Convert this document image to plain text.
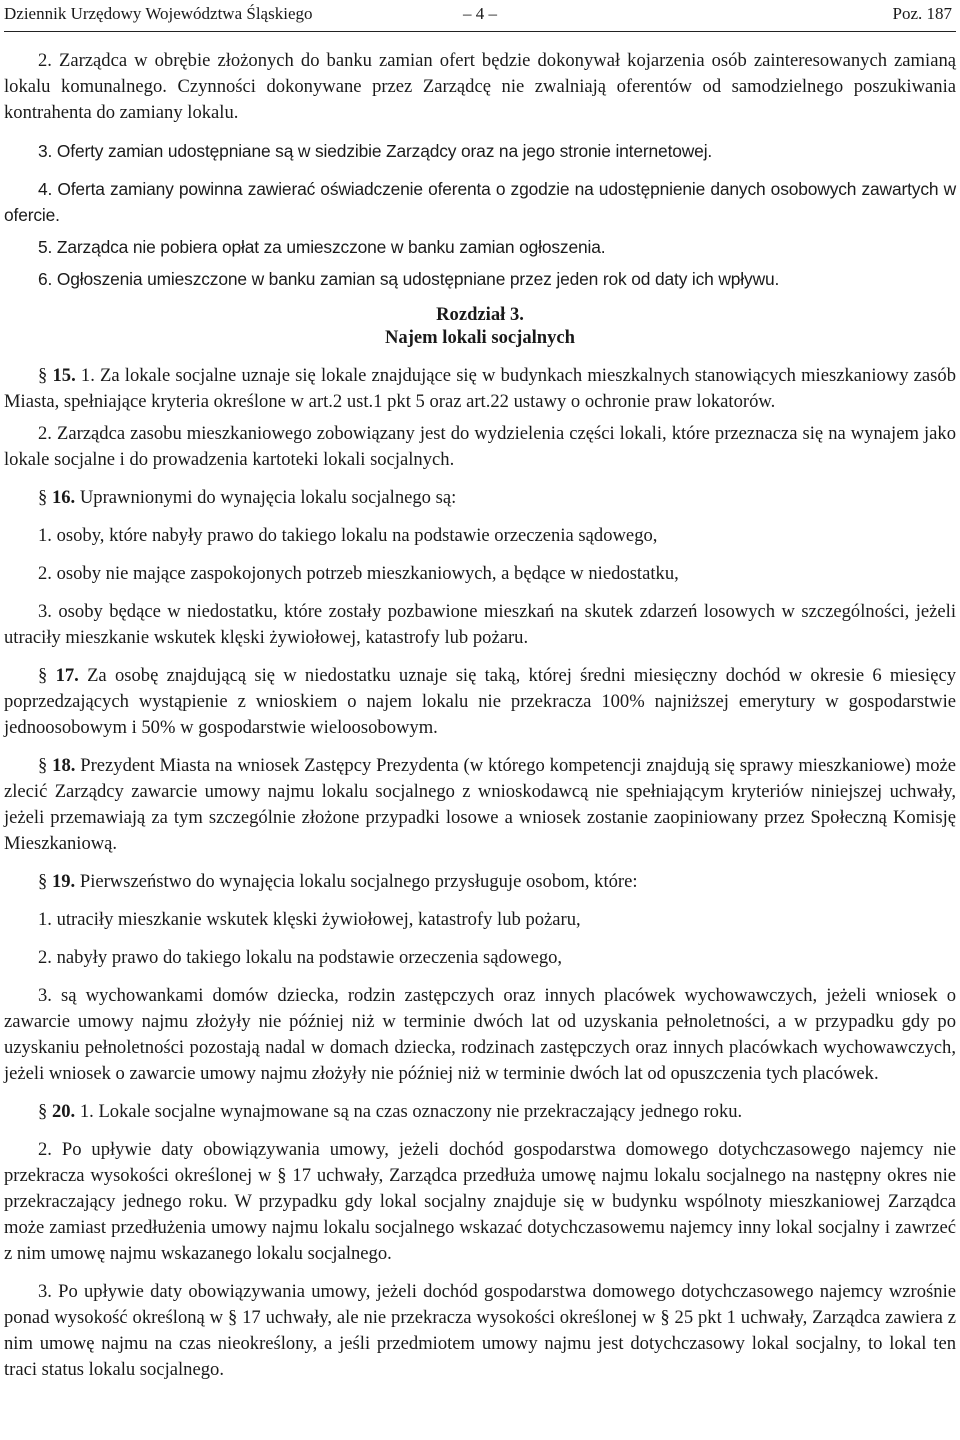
Dziennik Urzędowy Województwa Śląskiego	– 4 –	Poz. 187

2. Zarządca w obrębie złożonych do banku zamian ofert będzie dokonywał kojarzenia osób zainteresowanych zamianą lokalu komunalnego. Czynności dokonywane przez Zarządcę nie zwalniają oferentów od samodzielnego poszukiwania kontrahenta do zamiany lokalu.

3. Oferty zamian udostępniane są w siedzibie Zarządcy oraz na jego stronie internetowej.

4. Oferta zamiany powinna zawierać oświadczenie oferenta o zgodzie na udostępnienie danych osobowych zawartych w ofercie.

5. Zarządca nie pobiera opłat za umieszczone w banku zamian ogłoszenia.

6. Ogłoszenia umieszczone w banku zamian są udostępniane przez jeden rok od daty ich wpływu.

Rozdział 3.
Najem lokali socjalnych

§ 15. 1. Za lokale socjalne uznaje się lokale znajdujące się w budynkach mieszkalnych stanowiących mieszkaniowy zasób Miasta, spełniające kryteria określone w art.2 ust.1 pkt 5 oraz art.22 ustawy o ochronie praw lokatorów.

2. Zarządca zasobu mieszkaniowego zobowiązany jest do wydzielenia części lokali, które przeznacza się na wynajem jako lokale socjalne i do prowadzenia kartoteki lokali socjalnych.

§ 16. Uprawnionymi do wynajęcia lokalu socjalnego są:

1. osoby, które nabyły prawo do takiego lokalu na podstawie orzeczenia sądowego,

2. osoby nie mające zaspokojonych potrzeb mieszkaniowych, a będące w niedostatku,

3. osoby będące w niedostatku, które zostały pozbawione mieszkań na skutek zdarzeń losowych w szczególności, jeżeli utraciły mieszkanie wskutek klęski żywiołowej, katastrofy lub pożaru.

§ 17. Za osobę znajdującą się w niedostatku uznaje się taką, której średni miesięczny dochód w okresie 6 miesięcy poprzedzających wystąpienie z wnioskiem o najem lokalu nie przekracza 100% najniższej emerytury w gospodarstwie jednoosobowym i 50% w gospodarstwie wieloosobowym.

§ 18. Prezydent Miasta na wniosek Zastępcy Prezydenta (w którego kompetencji znajdują się sprawy mieszkaniowe) może zlecić Zarządcy zawarcie umowy najmu lokalu socjalnego z wnioskodawcą nie spełniającym kryteriów niniejszej uchwały, jeżeli przemawiają za tym szczególnie złożone przypadki losowe a wniosek zostanie zaopiniowany przez Społeczną Komisję Mieszkaniową.

§ 19. Pierwszeństwo do wynajęcia lokalu socjalnego przysługuje osobom, które:

1. utraciły mieszkanie wskutek klęski żywiołowej, katastrofy lub pożaru,

2. nabyły prawo do takiego lokalu na podstawie orzeczenia sądowego,

3. są wychowankami domów dziecka, rodzin zastępczych oraz innych placówek wychowawczych, jeżeli wniosek o zawarcie umowy najmu złożyły nie później niż w terminie dwóch lat od uzyskania pełnoletności, a w przypadku gdy po uzyskaniu pełnoletności pozostają nadal w domach dziecka, rodzinach zastępczych oraz innych placówkach wychowawczych, jeżeli wniosek o zawarcie umowy najmu złożyły nie później niż w terminie dwóch lat od opuszczenia tych placówek.

§ 20. 1. Lokale socjalne wynajmowane są na czas oznaczony nie przekraczający jednego roku.

2. Po upływie daty obowiązywania umowy, jeżeli dochód gospodarstwa domowego dotychczasowego najemcy nie przekracza wysokości określonej w § 17 uchwały, Zarządca przedłuża umowę najmu lokalu socjalnego na następny okres nie przekraczający jednego roku. W przypadku gdy lokal socjalny znajduje się w budynku wspólnoty mieszkaniowej Zarządca może zamiast przedłużenia umowy najmu lokalu socjalnego wskazać dotychczasowemu najemcy inny lokal socjalny i zawrzeć z nim umowę najmu wskazanego lokalu socjalnego.

3. Po upływie daty obowiązywania umowy, jeżeli dochód gospodarstwa domowego dotychczasowego najemcy wzrośnie ponad wysokość określoną w § 17 uchwały, ale nie przekracza wysokości określonej w § 25 pkt 1 uchwały, Zarządca zawiera z nim umowę najmu na czas nieokreślony, a jeśli przedmiotem umowy najmu jest dotychczasowy lokal socjalny, to lokal ten traci status lokalu socjalnego.
